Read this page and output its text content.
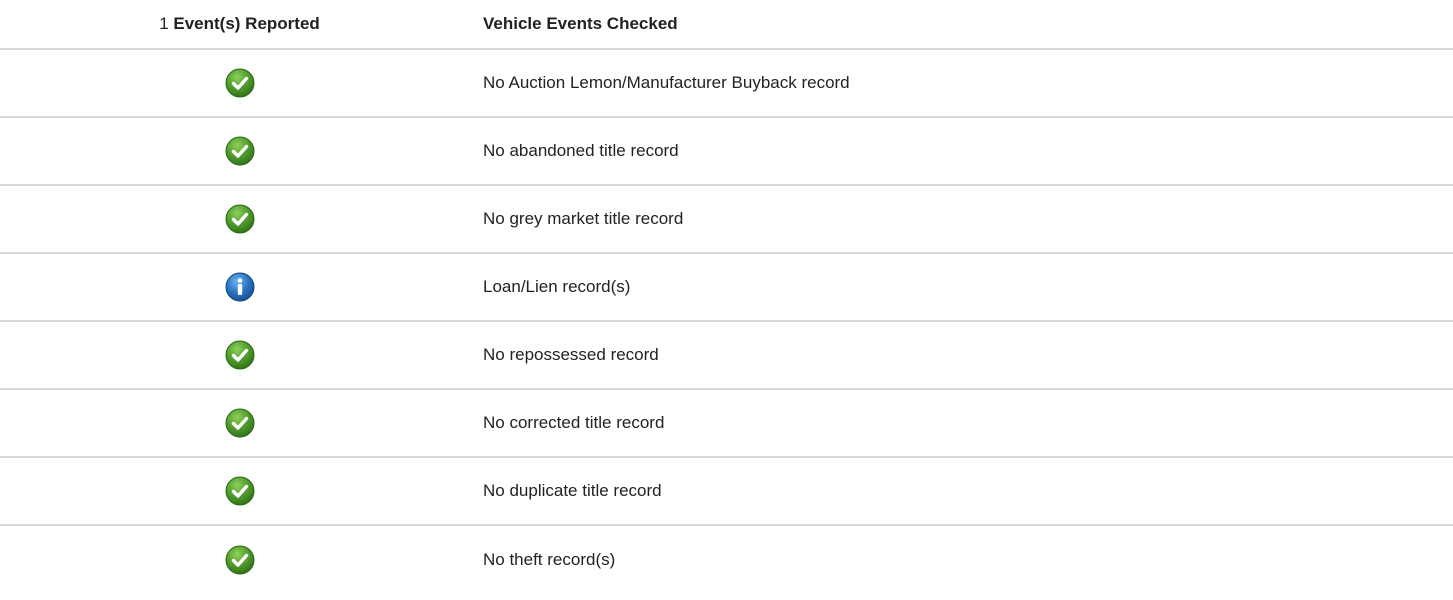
1 Event(s) Reported	Vehicle Events Checked

	No Auction Lemon/Manufacturer Buyback record

	No abandoned title record

	No grey market title record

	Loan/Lien record(s)

	No repossessed record

	No corrected title record

	No duplicate title record

	No theft record(s)
